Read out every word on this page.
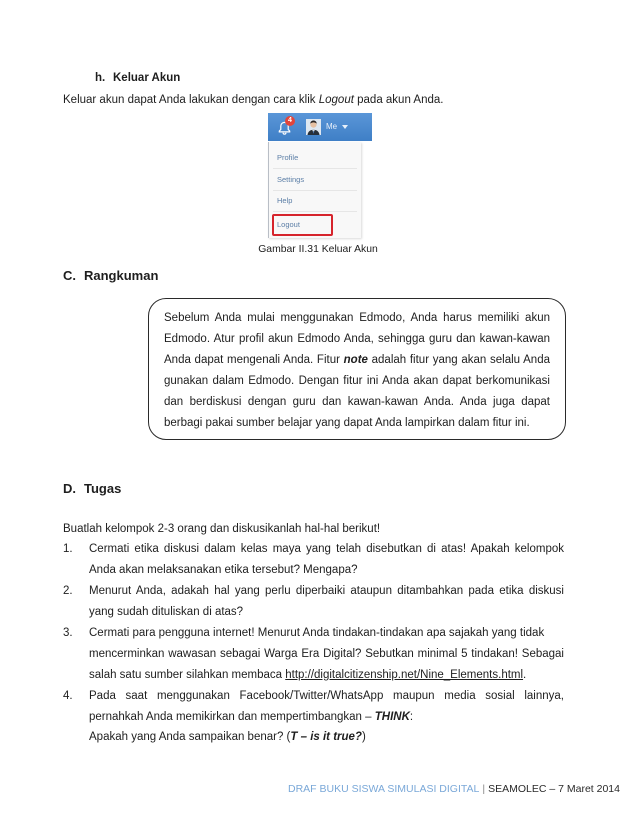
h. Keluar Akun
Keluar akun dapat Anda lakukan dengan cara klik Logout pada akun Anda.
4
Me
Profile
Settings
Help
Logout
Gambar II.31 Keluar Akun
C. Rangkuman
Sebelum Anda mulai menggunakan Edmodo, Anda harus memiliki akun
Edmodo. Atur profil akun Edmodo Anda, sehingga guru dan kawan-kawan
Anda dapat mengenali Anda. Fitur note adalah fitur yang akan selalu Anda
gunakan dalam Edmodo. Dengan fitur ini Anda akan dapat berkomunikasi
dan berdiskusi dengan guru dan kawan-kawan Anda. Anda juga dapat
berbagi pakai sumber belajar yang dapat Anda lampirkan dalam fitur ini.
D. Tugas
Buatlah kelompok 2-3 orang dan diskusikanlah hal-hal berikut!
1. Cermati etika diskusi dalam kelas maya yang telah disebutkan di atas! Apakah kelompok
Anda akan melaksanakan etika tersebut? Mengapa?
2. Menurut Anda, adakah hal yang perlu diperbaiki ataupun ditambahkan pada etika diskusi
yang sudah dituliskan di atas?
3. Cermati para pengguna internet! Menurut Anda tindakan-tindakan apa sajakah yang tidak
mencerminkan wawasan sebagai Warga Era Digital? Sebutkan minimal 5 tindakan! Sebagai
salah satu sumber silahkan membaca http://digitalcitizenship.net/Nine_Elements.html.
4. Pada saat menggunakan Facebook/Twitter/WhatsApp maupun media sosial lainnya,
pernahkah Anda memikirkan dan mempertimbangkan – THINK:
Apakah yang Anda sampaikan benar? (T – is it true?)
DRAF BUKU SISWA SIMULASI DIGITAL | SEAMOLEC – 7 Maret 2014
